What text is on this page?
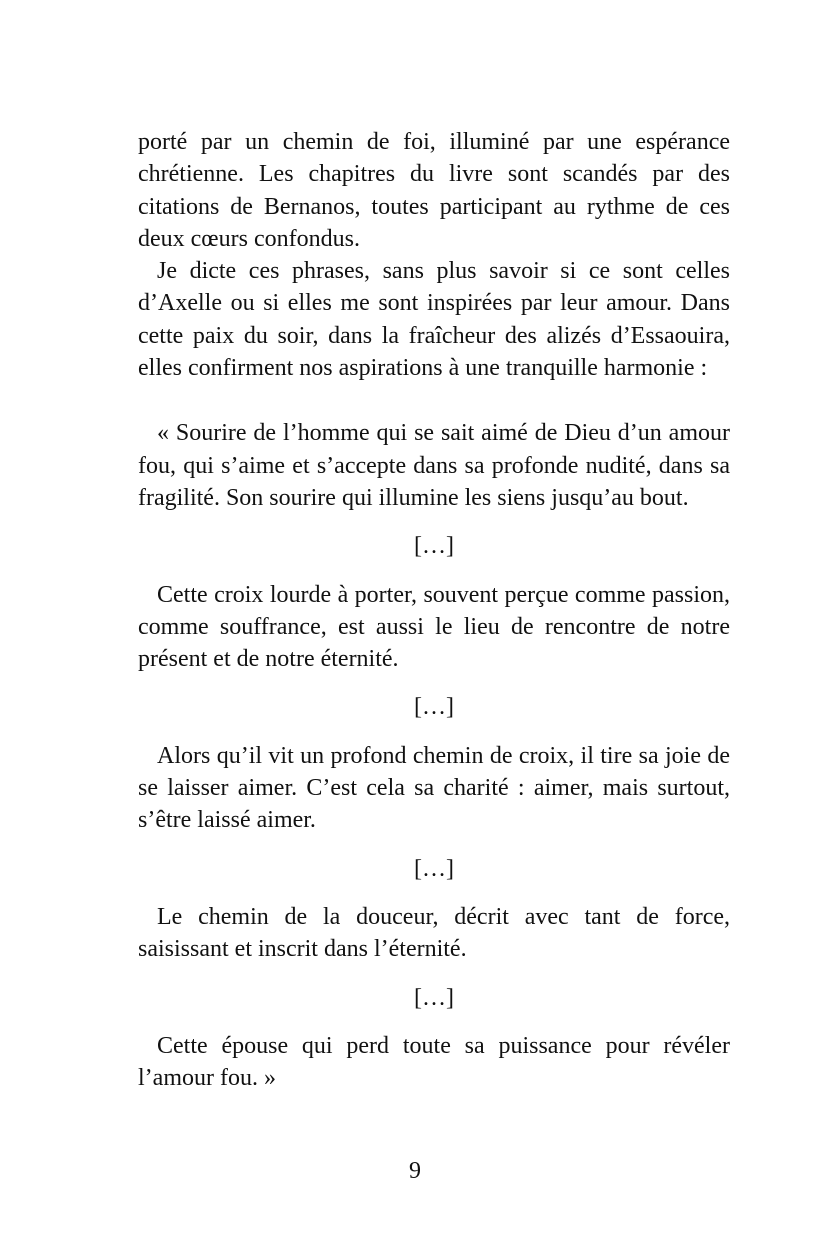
porté par un chemin de foi, illuminé par une espérance chrétienne. Les chapitres du livre sont scandés par des citations de Bernanos, toutes participant au rythme de ces deux cœurs confondus.

Je dicte ces phrases, sans plus savoir si ce sont celles d’Axelle ou si elles me sont inspirées par leur amour. Dans cette paix du soir, dans la fraîcheur des alizés d’Essaouira, elles confirment nos aspirations à une tranquille harmonie :

« Sourire de l’homme qui se sait aimé de Dieu d’un amour fou, qui s’aime et s’accepte dans sa profonde nudité, dans sa fragilité. Son sourire qui illumine les siens jusqu’au bout.

[…]

Cette croix lourde à porter, souvent perçue comme passion, comme souffrance, est aussi le lieu de rencontre de notre présent et de notre éternité.

[…]

Alors qu’il vit un profond chemin de croix, il tire sa joie de se laisser aimer. C’est cela sa charité : aimer, mais surtout, s’être laissé aimer.

[…]

Le chemin de la douceur, décrit avec tant de force, saisissant et inscrit dans l’éternité.

[…]

Cette épouse qui perd toute sa puissance pour révéler l’amour fou. »

9
